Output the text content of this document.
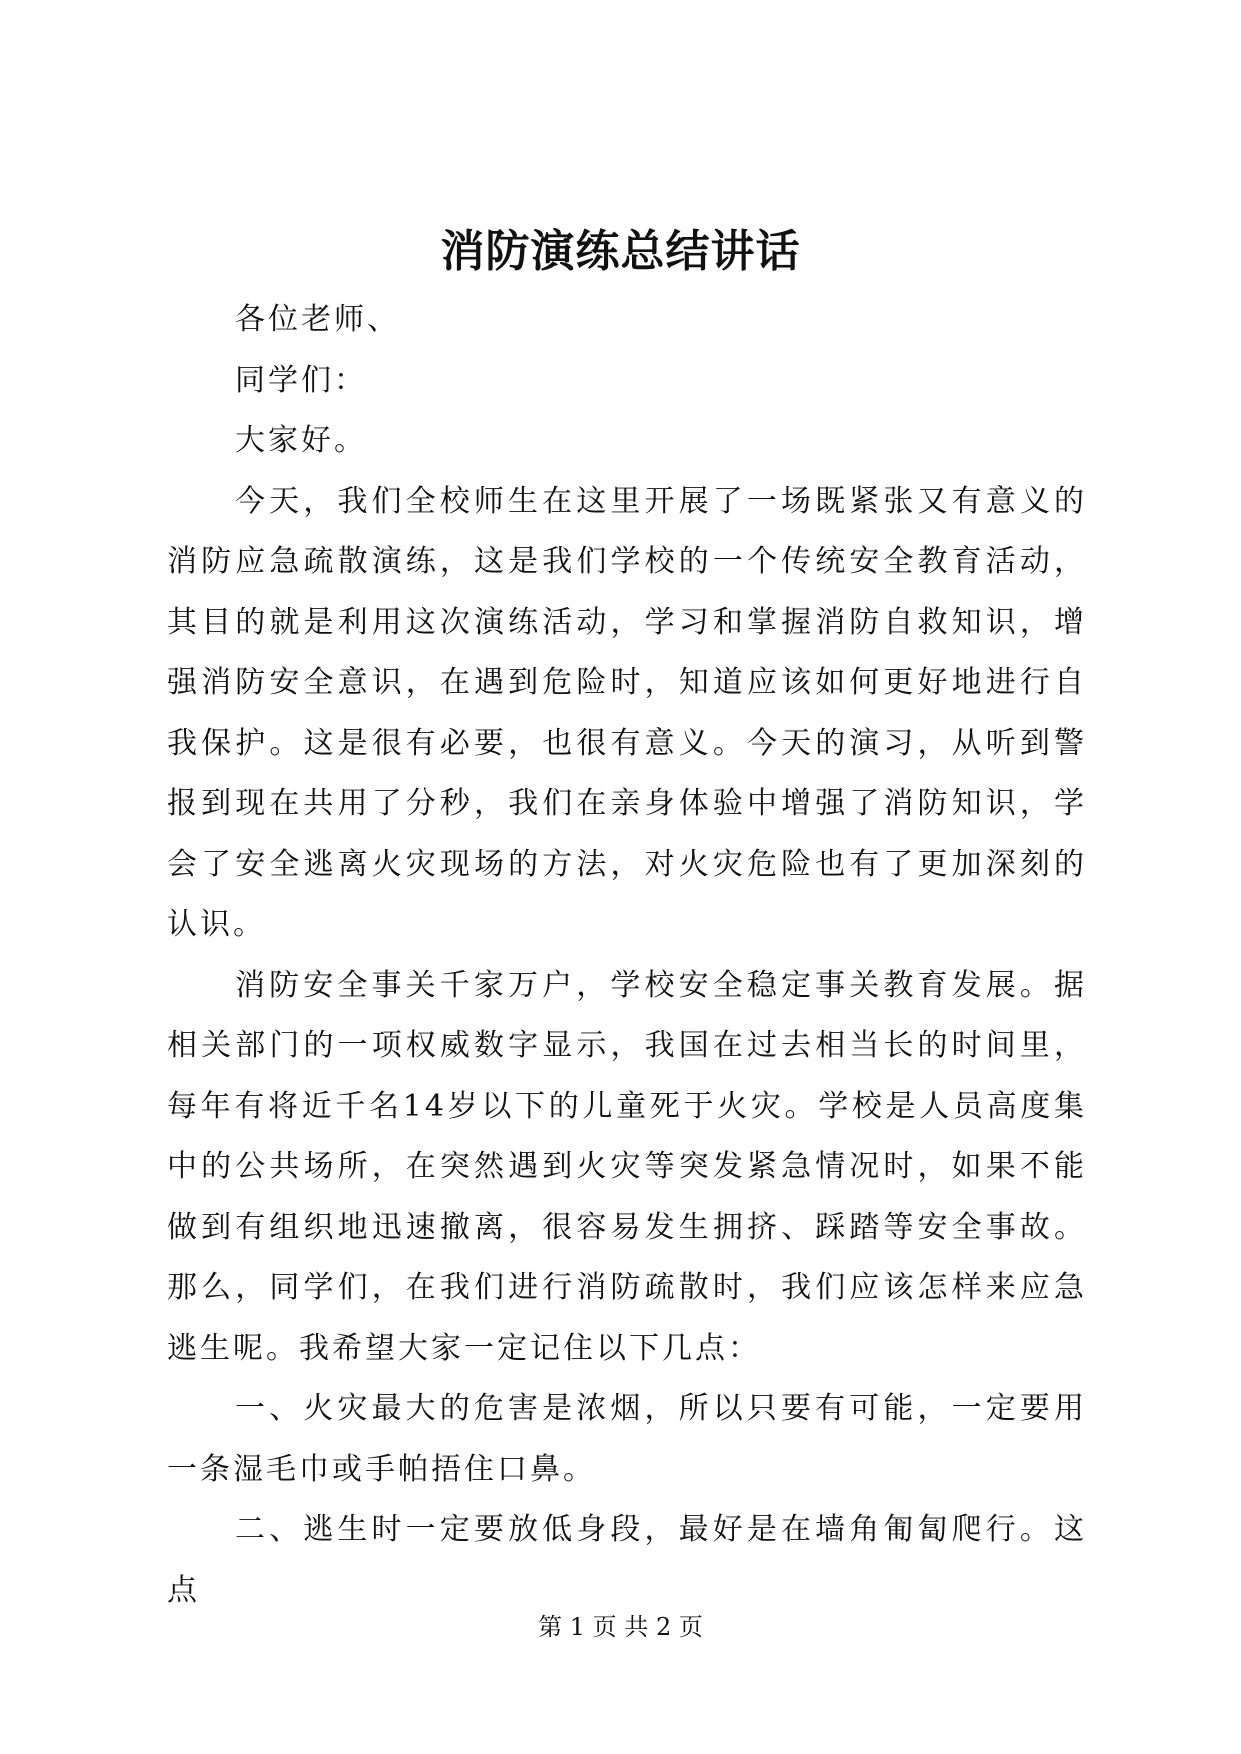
消防演练总结讲话

各位老师、

同学们：

大家好。

今天，我们全校师生在这里开展了一场既紧张又有意义的消防应急疏散演练，这是我们学校的一个传统安全教育活动，其目的就是利用这次演练活动，学习和掌握消防自救知识，增强消防安全意识，在遇到危险时，知道应该如何更好地进行自我保护。这是很有必要，也很有意义。今天的演习，从听到警报到现在共用了分秒，我们在亲身体验中增强了消防知识，学会了安全逃离火灾现场的方法，对火灾危险也有了更加深刻的认识。

消防安全事关千家万户，学校安全稳定事关教育发展。据相关部门的一项权威数字显示，我国在过去相当长的时间里，每年有将近千名14岁以下的儿童死于火灾。学校是人员高度集中的公共场所，在突然遇到火灾等突发紧急情况时，如果不能做到有组织地迅速撤离，很容易发生拥挤、踩踏等安全事故。那么，同学们，在我们进行消防疏散时，我们应该怎样来应急逃生呢。我希望大家一定记住以下几点：

一、火灾最大的危害是浓烟，所以只要有可能，一定要用一条湿毛巾或手帕捂住口鼻。

二、逃生时一定要放低身段，最好是在墙角匍匐爬行。这点

第 1 页 共 2 页
